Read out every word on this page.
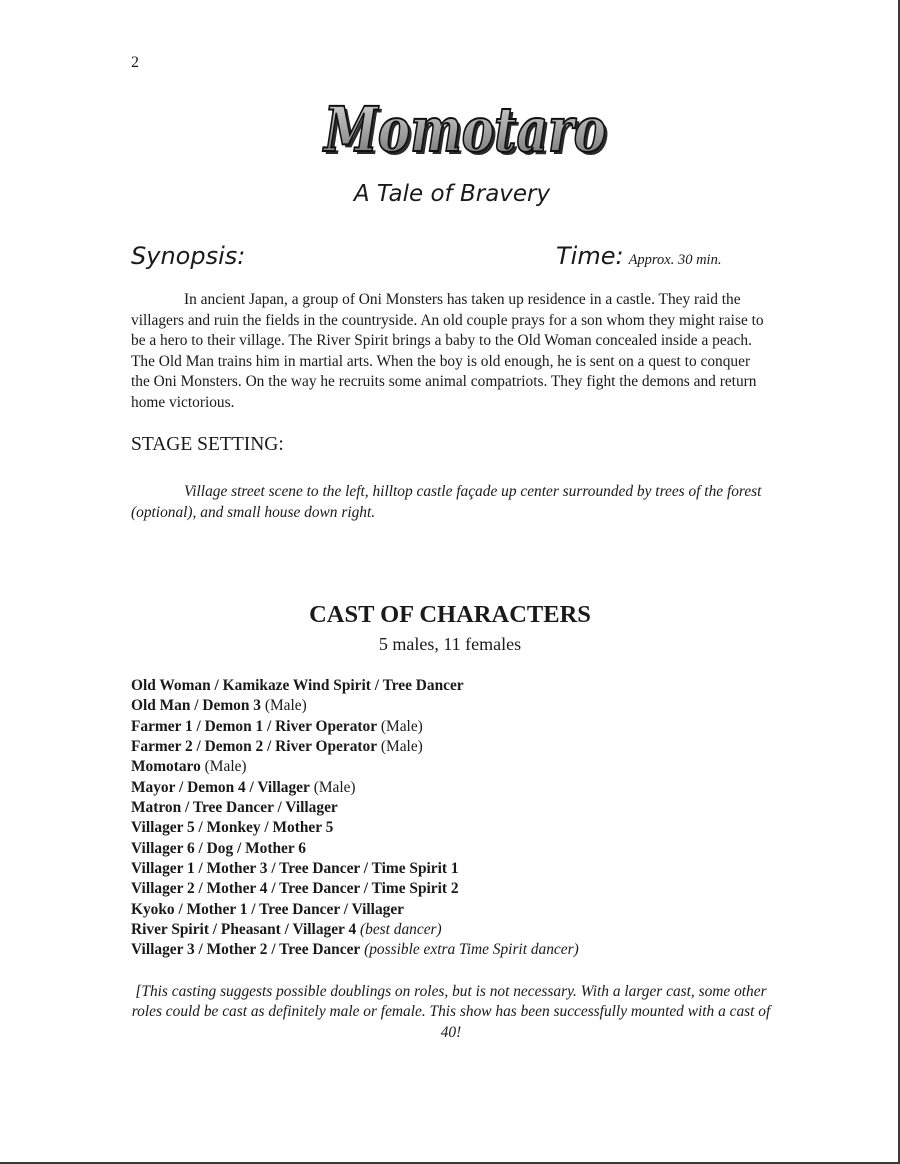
2
Momotaro
Momotaro
A Tale of Bravery
Synopsis:	Time: Approx. 30 min.
In ancient Japan, a group of Oni Monsters has taken up residence in a castle. They raid the villagers and ruin the fields in the countryside. An old couple prays for a son whom they might raise to be a hero to their village. The River Spirit brings a baby to the Old Woman concealed inside a peach. The Old Man trains him in martial arts. When the boy is old enough, he is sent on a quest to conquer the Oni Monsters. On the way he recruits some animal compatriots. They fight the demons and return home victorious.
STAGE SETTING:
Village street scene to the left, hilltop castle façade up center surrounded by trees of the forest (optional), and small house down right.
CAST OF CHARACTERS
5 males, 11 females
Old Woman / Kamikaze Wind Spirit / Tree Dancer
Old Man / Demon 3 (Male)
Farmer 1 / Demon 1 / River Operator (Male)
Farmer 2 / Demon 2 / River Operator (Male)
Momotaro (Male)
Mayor / Demon 4 / Villager (Male)
Matron / Tree Dancer / Villager
Villager 5 / Monkey / Mother 5
Villager 6 / Dog / Mother 6
Villager 1 / Mother 3 / Tree Dancer / Time Spirit 1
Villager 2 / Mother 4 / Tree Dancer / Time Spirit 2
Kyoko / Mother 1 / Tree Dancer / Villager
River Spirit / Pheasant / Villager 4 (best dancer)
Villager 3 / Mother 2 / Tree Dancer (possible extra Time Spirit dancer)
[This casting suggests possible doublings on roles, but is not necessary. With a larger cast, some other roles could be cast as definitely male or female. This show has been successfully mounted with a cast of 40!
